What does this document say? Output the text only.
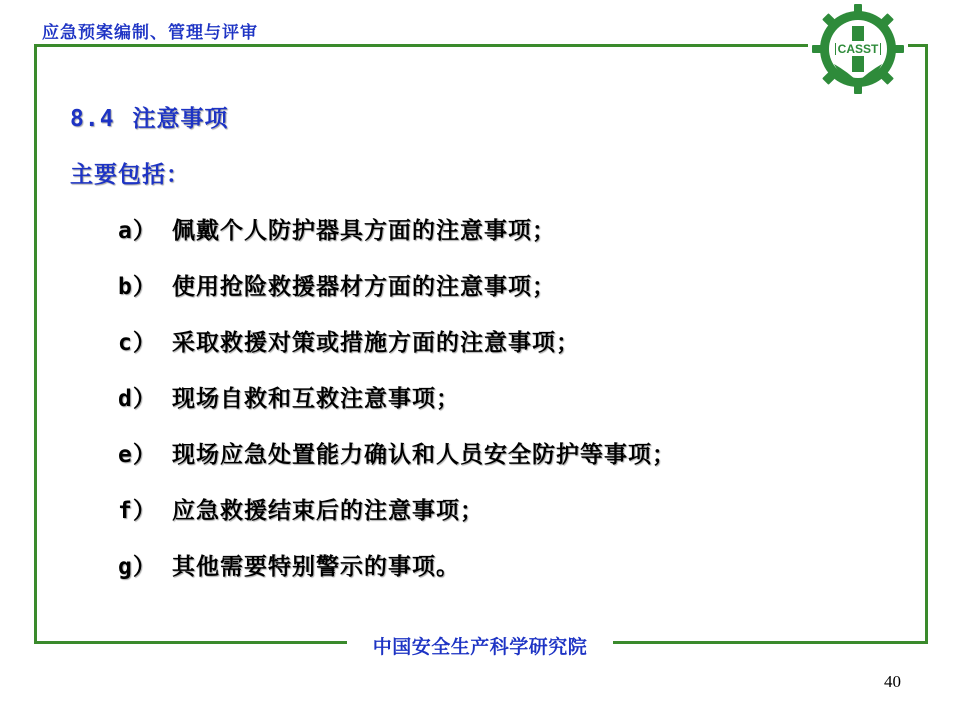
应急预案编制、管理与评审
CASST
8.4 注意事项
主要包括：
a） 佩戴个人防护器具方面的注意事项；
b） 使用抢险救援器材方面的注意事项；
c） 采取救援对策或措施方面的注意事项；
d） 现场自救和互救注意事项；
e） 现场应急处置能力确认和人员安全防护等事项；
f） 应急救援结束后的注意事项；
g） 其他需要特别警示的事项。
中国安全生产科学研究院
40
